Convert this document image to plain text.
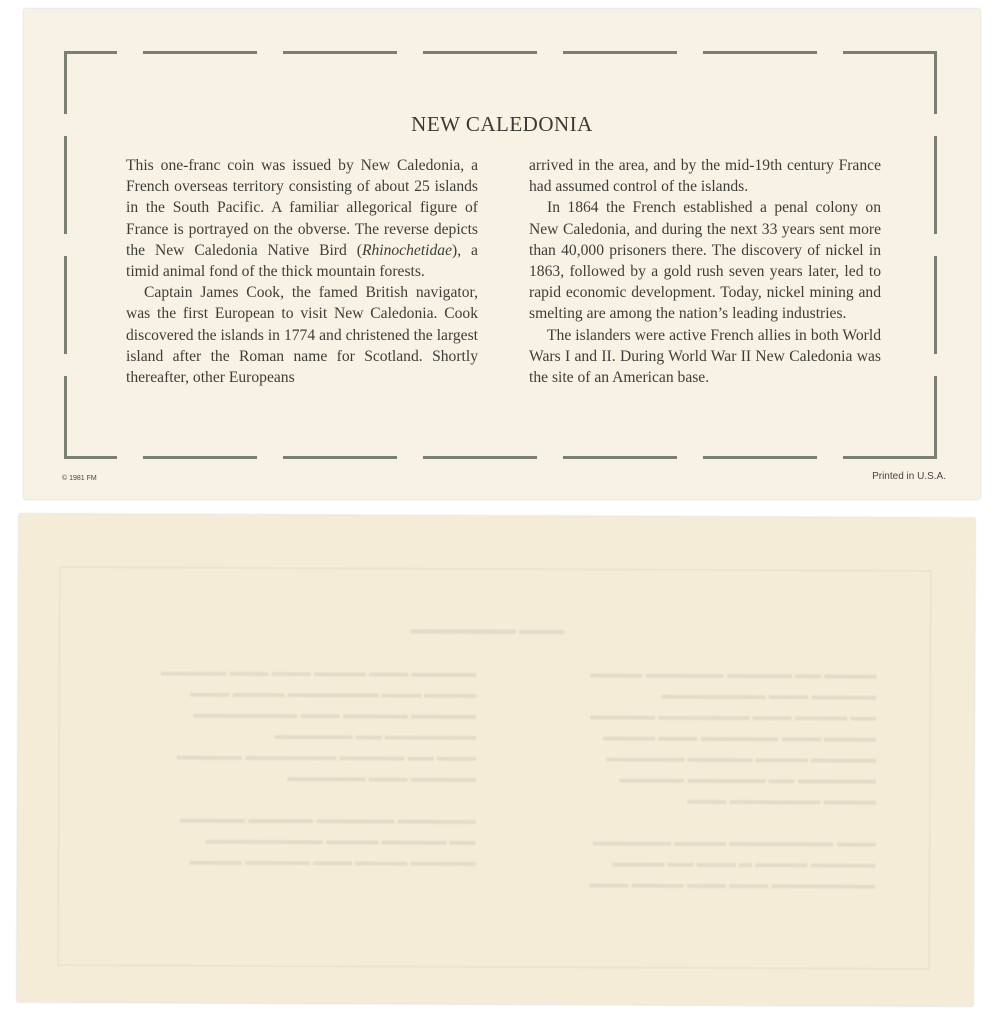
NEW CALEDONIA

This one-franc coin was issued by New Caledonia, a French overseas territory consisting of about 25 islands in the South Pacific. A familiar allegorical figure of France is portrayed on the obverse. The reverse depicts the New Caledonia Native Bird (Rhinochetidae), a timid animal fond of the thick mountain forests.

Captain James Cook, the famed British navigator, was the first European to visit New Caledonia. Cook discovered the islands in 1774 and christened the largest island after the Roman name for Scotland. Shortly thereafter, other Europeans

arrived in the area, and by the mid-19th century France had assumed control of the islands.

In 1864 the French established a penal colony on New Caledonia, and during the next 33 years sent more than 40,000 prisoners there. The discovery of nickel in 1863, followed by a gold rush seven years later, led to rapid economic development. Today, nickel mining and smelting are among the nation’s leading industries.

The islanders were active French allies in both World Wars I and II. During World War II New Caledonia was the site of an American base.

© 1981 FM	Printed in U.S.A.
▬▬▬ ▬▬▬▬▬▬▬
▬▬▬▬▬ ▬▬▬ ▬▬▬▬ ▬▬▬ ▬▬▬ ▬▬▬▬▬
▬▬▬▬ ▬▬▬ ▬▬▬▬▬▬▬ ▬▬▬▬ ▬▬▬
▬▬▬▬▬ ▬▬▬▬▬ ▬▬▬ ▬▬▬▬▬▬▬▬
▬▬▬▬▬▬▬ ▬▬ ▬▬▬▬▬▬
▬▬▬ ▬▬ ▬▬▬▬▬ ▬▬▬▬▬▬▬ ▬▬▬▬▬
▬▬▬▬▬ ▬▬▬ ▬▬▬▬▬▬

▬▬▬▬▬▬ ▬▬▬▬▬▬ ▬▬▬▬▬ ▬▬▬▬▬
▬▬ ▬▬▬▬▬ ▬▬▬▬ ▬▬▬▬▬▬▬▬▬
▬▬▬▬▬ ▬▬▬▬ ▬▬▬ ▬▬▬▬▬ ▬▬▬▬
▬▬▬▬ ▬▬ ▬▬▬▬▬ ▬▬▬▬▬▬ ▬▬▬▬
▬▬▬▬▬ ▬▬▬ ▬▬▬▬▬▬▬▬
▬▬ ▬▬▬▬ ▬▬▬ ▬▬▬▬▬▬▬ ▬▬▬▬▬
▬▬▬▬ ▬▬▬ ▬▬▬▬▬▬ ▬▬▬ ▬▬▬▬
▬▬▬▬▬ ▬▬▬▬ ▬▬▬▬▬ ▬▬▬▬▬▬
▬▬▬▬▬▬ ▬▬ ▬▬▬▬▬▬ ▬▬▬▬▬
▬▬▬▬ ▬▬▬▬▬▬▬ ▬▬▬

▬▬▬ ▬▬▬▬▬▬▬▬ ▬▬▬▬ ▬▬▬▬▬▬
▬▬▬▬▬ ▬▬▬▬ ▬ ▬▬▬ ▬▬ ▬▬▬▬
▬▬▬▬▬▬▬▬ ▬▬▬ ▬▬▬ ▬▬▬▬ ▬▬▬
